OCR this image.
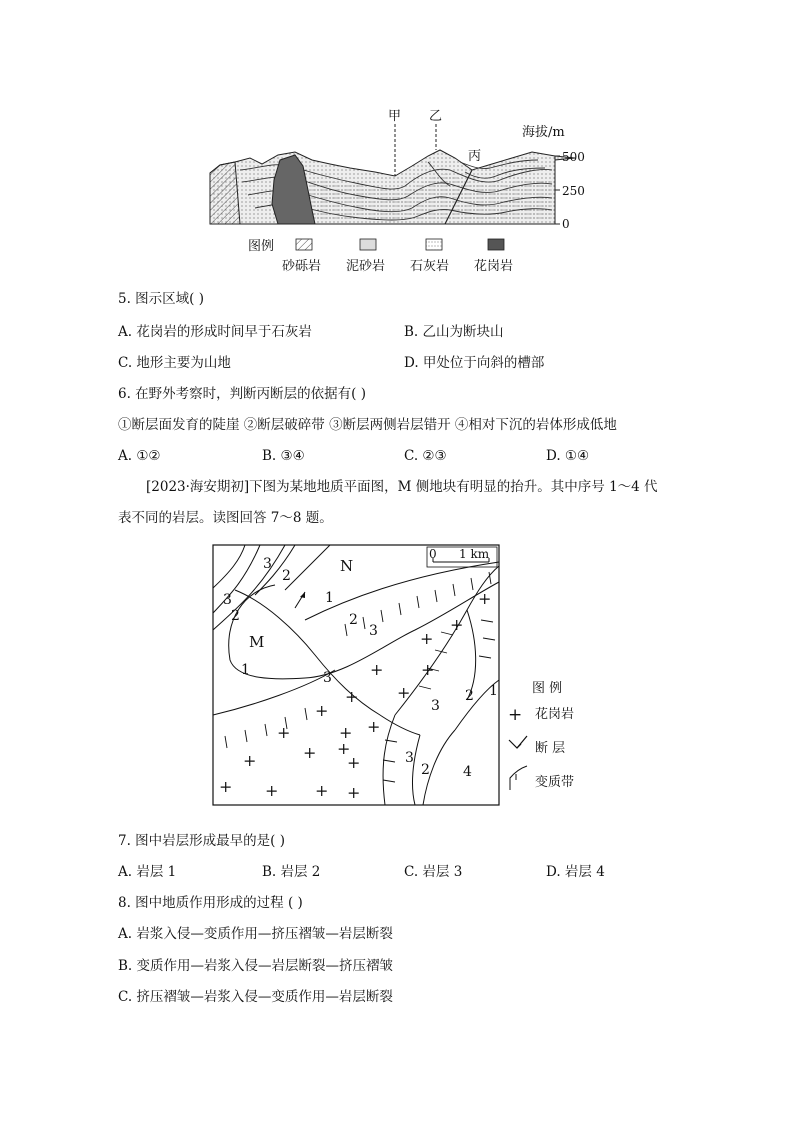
甲 乙
丙
海拔/m
500
250
0
图例
砂砾岩 泥砂岩 石灰岩 花岗岩
5. 图示区域( )
A. 花岗岩的形成时间早于石灰岩	B. 乙山为断块山
C. 地形主要为山地	D. 甲处位于向斜的槽部
6. 在野外考察时，判断丙断层的依据有( )
①断层面发育的陡崖 ②断层破碎带 ③断层两侧岩层错开 ④相对下沉的岩体形成低地
A. ①②	B. ③④	C. ②③	D. ①④
[2023·海安期初]下图为某地地质平面图，M 侧地块有明显的抬升。其中序号 1～4 代
表不同的岩层。读图回答 7～8 题。
0 1 km
+
+
+
+ +
+
+
+
+	+ +
+ +
+
+
+ + + +
N
M
3
2
3
2
1
2
3
1	3
3
2 1
3
2 4
图 例
+ 花岗岩
断 层
变质带
7. 图中岩层形成最早的是( )
A. 岩层 1	B. 岩层 2	C. 岩层 3	D. 岩层 4
8. 图中地质作用形成的过程 ( )
A. 岩浆入侵—变质作用—挤压褶皱—岩层断裂
B. 变质作用—岩浆入侵—岩层断裂—挤压褶皱
C. 挤压褶皱—岩浆入侵—变质作用—岩层断裂
